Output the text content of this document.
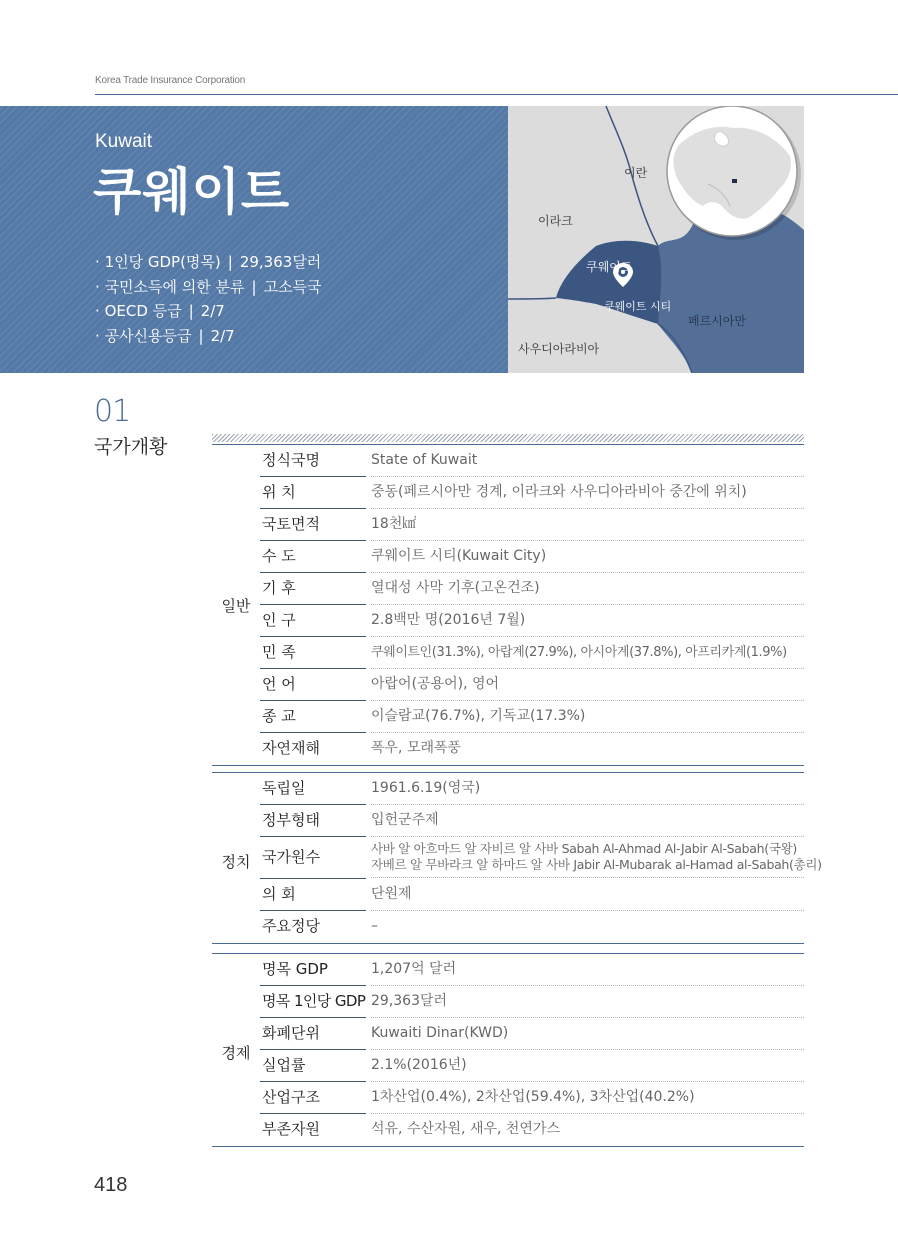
Korea Trade Insurance Corporation
Kuwait
쿠웨이트
· 1인당 GDP(명목) | 29,363달러
· 국민소득에 의한 분류 | 고소득국
· OECD 등급 | 2/7
· 공사신용등급 | 2/7
이란
이라크
쿠웨이트
쿠웨이트 시티
페르시아만
사우디아라비아
01
국가개황
일반
정식국명	State of Kuwait
위 치	중동(페르시아만 경계, 이라크와 사우디아라비아 중간에 위치)
국토면적	18천㎢
수 도	쿠웨이트 시티(Kuwait City)
기 후	열대성 사막 기후(고온건조)
인 구	2.8백만 명(2016년 7월)
민 족	쿠웨이트인(31.3%), 아랍계(27.9%), 아시아계(37.8%), 아프리카계(1.9%)
언 어	아랍어(공용어), 영어
종 교	이슬람교(76.7%), 기독교(17.3%)
자연재해	폭우, 모래폭풍
정치
독립일	1961.6.19(영국)
정부형태	입헌군주제
국가원수	사바 알 아흐마드 알 자비르 알 사바 Sabah Al-Ahmad Al-Jabir Al-Sabah(국왕)
자베르 알 무바라크 알 하마드 알 사바 Jabir Al-Mubarak al-Hamad al-Sabah(총리)
의 회	단원제
주요정당	–
경제
명목 GDP	1,207억 달러
명목 1인당 GDP 29,363달러
화폐단위	Kuwaiti Dinar(KWD)
실업률	2.1%(2016년)
산업구조	1차산업(0.4%), 2차산업(59.4%), 3차산업(40.2%)
부존자원	석유, 수산자원, 새우, 천연가스
418
